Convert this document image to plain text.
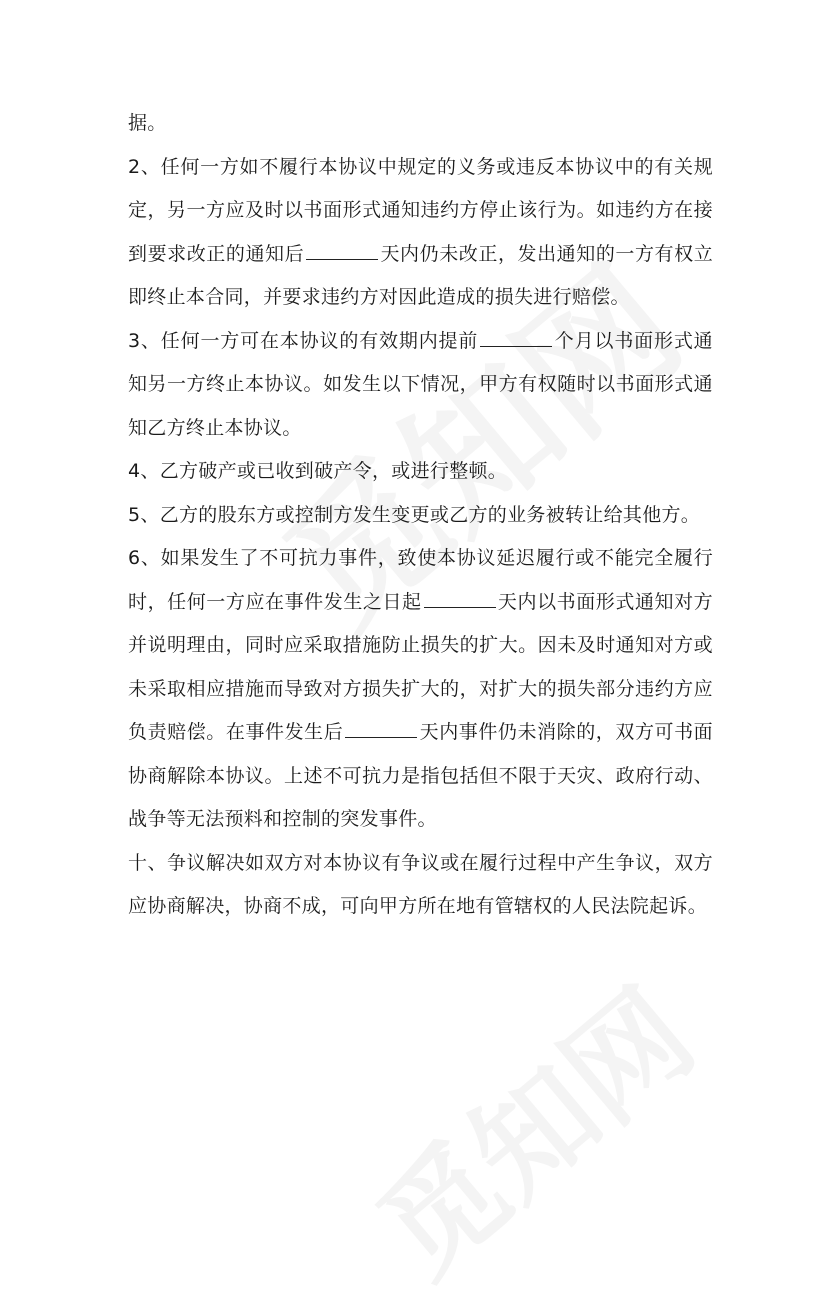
据。

2、任何一方如不履行本协议中规定的义务或违反本协议中的有关规定，另一方应及时以书面形式通知违约方停止该行为。如违约方在接到要求改正的通知后	天内仍未改正，发出通知的一方有权立即终止本合同，并要求违约方对因此造成的损失进行赔偿。

3、任何一方可在本协议的有效期内提前	个月以书面形式通知另一方终止本协议。如发生以下情况，甲方有权随时以书面形式通知乙方终止本协议。

4、乙方破产或已收到破产令，或进行整顿。

5、乙方的股东方或控制方发生变更或乙方的业务被转让给其他方。

6、如果发生了不可抗力事件，致使本协议延迟履行或不能完全履行时，任何一方应在事件发生之日起	天内以书面形式通知对方并说明理由，同时应采取措施防止损失的扩大。因未及时通知对方或未采取相应措施而导致对方损失扩大的，对扩大的损失部分违约方应负责赔偿。在事件发生后	天内事件仍未消除的，双方可书面协商解除本协议。上述不可抗力是指包括但不限于天灾、政府行动、战争等无法预料和控制的突发事件。

十、争议解决如双方对本协议有争议或在履行过程中产生争议，双方应协商解决，协商不成，可向甲方所在地有管辖权的人民法院起诉。
